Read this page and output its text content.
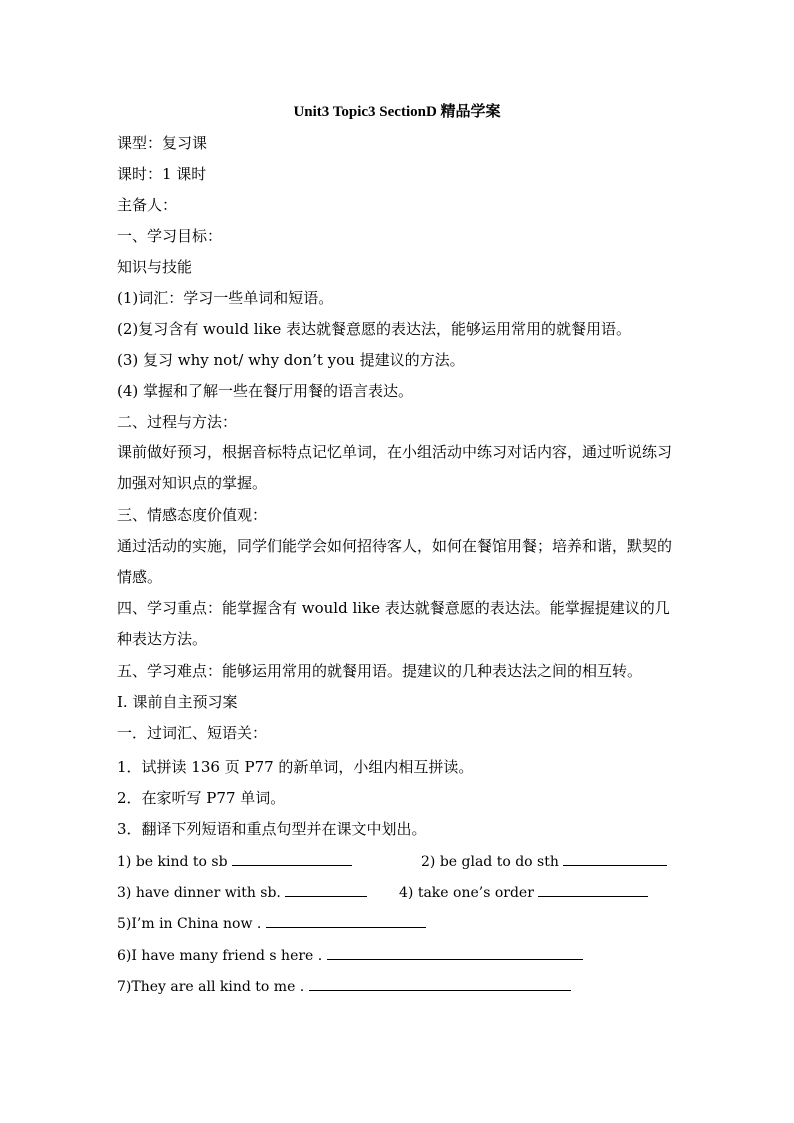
Unit3 Topic3 SectionD 精品学案
课型：复习课
课时：1 课时
主备人：
一、学习目标：
知识与技能
(1)词汇：学习一些单词和短语。
(2)复习含有 would like 表达就餐意愿的表达法，能够运用常用的就餐用语。
(3) 复习 why not/ why don’t you 提建议的方法。
(4) 掌握和了解一些在餐厅用餐的语言表达。
二、过程与方法：
课前做好预习，根据音标特点记忆单词，在小组活动中练习对话内容，通过听说练习加强对知识点的掌握。
三、情感态度价值观：
通过活动的实施，同学们能学会如何招待客人，如何在餐馆用餐；培养和谐，默契的情感。
四、学习重点：能掌握含有 would like 表达就餐意愿的表达法。能掌握提建议的几种表达方法。
五、学习难点：能够运用常用的就餐用语。提建议的几种表达法之间的相互转。
I. 课前自主预习案
一．过词汇、短语关：
1．试拼读 136 页 P77 的新单词，小组内相互拼读。
2．在家听写 P77 单词。
3．翻译下列短语和重点句型并在课文中划出。
1) be kind to sb	2) be glad to do sth
3) have dinner with sb.	4) take one’s order
5)I’m in China now .
6)I have many friend s here .
7)They are all kind to me .
